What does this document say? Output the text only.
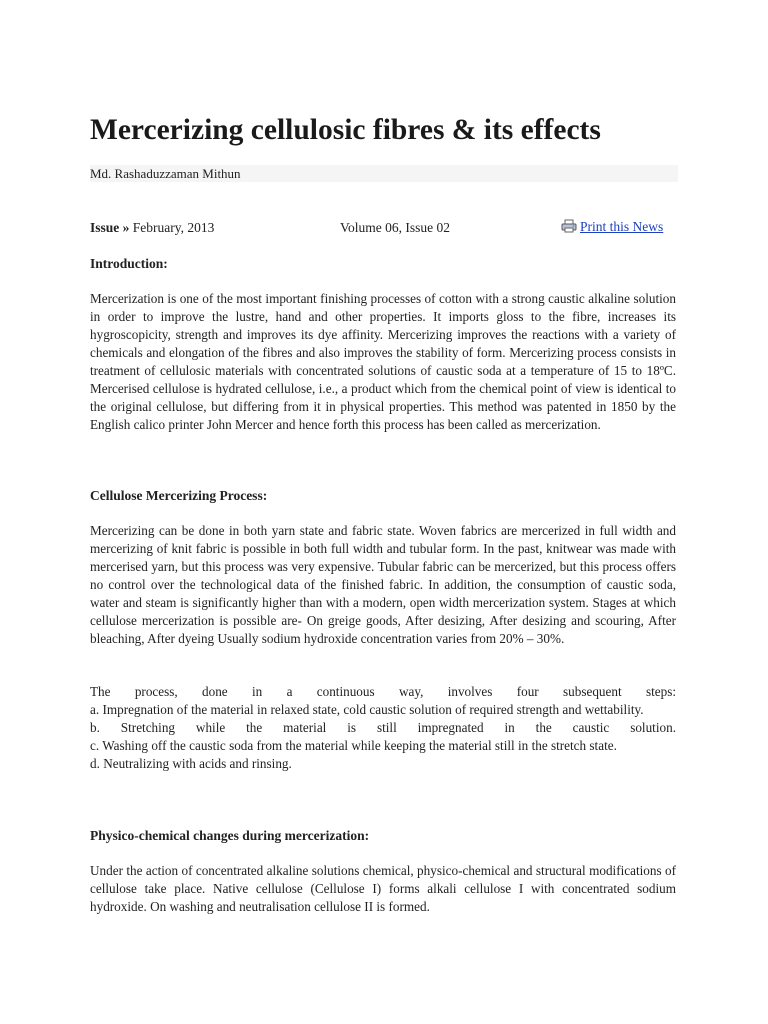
Mercerizing cellulosic fibres & its effects
Md. Rashaduzzaman Mithun
Issue » February, 2013	Volume 06, Issue 02	Print this News
Introduction:

Mercerization is one of the most important finishing processes of cotton with a strong caustic alkaline solution in order to improve the lustre, hand and other properties. It imports gloss to the fibre, increases its hygroscopicity, strength and improves its dye affinity. Mercerizing improves the reactions with a variety of chemicals and elongation of the fibres and also improves the stability of form. Mercerizing process consists in treatment of cellulosic materials with concentrated solutions of caustic soda at a temperature of 15 to 18ºC. Mercerised cellulose is hydrated cellulose, i.e., a product which from the chemical point of view is identical to the original cellulose, but differing from it in physical properties. This method was patented in 1850 by the English calico printer John Mercer and hence forth this process has been called as mercerization.

Cellulose Mercerizing Process:

Mercerizing can be done in both yarn state and fabric state. Woven fabrics are mercerized in full width and mercerizing of knit fabric is possible in both full width and tubular form. In the past, knitwear was made with mercerised yarn, but this process was very expensive. Tubular fabric can be mercerized, but this process offers no control over the technological data of the finished fabric. In addition, the consumption of caustic soda, water and steam is significantly higher than with a modern, open width mercerization system. Stages at which cellulose mercerization is possible are- On greige goods, After desizing, After desizing and scouring, After bleaching, After dyeing Usually sodium hydroxide concentration varies from 20% – 30%.

The process, done in a continuous way, involves four subsequent steps:
a. Impregnation of the material in relaxed state, cold caustic solution of required strength and wettability.
b. Stretching while the material is still impregnated in the caustic solution.
c. Washing off the caustic soda from the material while keeping the material still in the stretch state.
d. Neutralizing with acids and rinsing.
Physico-chemical changes during mercerization:

Under the action of concentrated alkaline solutions chemical, physico-chemical and structural modifications of cellulose take place. Native cellulose (Cellulose I) forms alkali cellulose I with concentrated sodium hydroxide. On washing and neutralisation cellulose II is formed.
